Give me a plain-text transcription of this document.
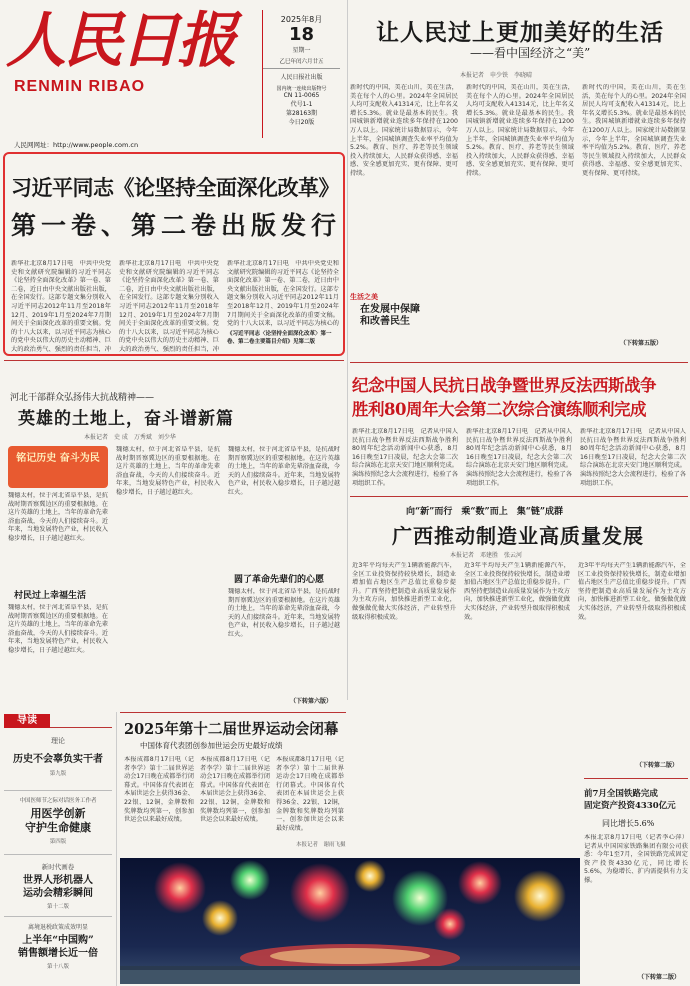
人民日报
RENMIN RIBAO
人民网网址：http://www.people.com.cn
2025年8月
18
星期一
乙巳年闰六月廿五
人民日报社出版
国内统一连续出版物号
CN 11-0065
代号1-1
第28163期
今日20版
让人民过上更加美好的生活
——看中国经济之“美”
本报记者　申少铁　李晓晴
新时代的中国，美在山川，美在生活，美在每个人的心里。2024年全国居民人均可支配收入41314元，比上年名义增长5.3%。就业是最基本的民生。我国城镇新增就业连续多年保持在1200万人以上。国家统计局数据显示，今年上半年，全国城镇调查失业率平均值为5.2%。教育、医疗、养老等民生领域投入持续加大，人民群众获得感、幸福感、安全感更加充实、更有保障、更可持续。
生活之美
在发展中保障
和改善民生
新时代的中国，美在山川，美在生活，美在每个人的心里。2024年全国居民人均可支配收入41314元，比上年名义增长5.3%。就业是最基本的民生。我国城镇新增就业连续多年保持在1200万人以上。国家统计局数据显示，今年上半年，全国城镇调查失业率平均值为5.2%。教育、医疗、养老等民生领域投入持续加大，人民群众获得感、幸福感、安全感更加充实、更有保障、更可持续。
新时代的中国，美在山川，美在生活，美在每个人的心里。2024年全国居民人均可支配收入41314元，比上年名义增长5.3%。就业是最基本的民生。我国城镇新增就业连续多年保持在1200万人以上。国家统计局数据显示，今年上半年，全国城镇调查失业率平均值为5.2%。教育、医疗、养老等民生领域投入持续加大，人民群众获得感、幸福感、安全感更加充实、更有保障、更可持续。
（下转第五版）
习近平同志《论坚持全面深化改革》
第一卷、第二卷出版发行
新华社北京8月17日电　中共中央党史和文献研究院编辑的习近平同志《论坚持全面深化改革》第一卷、第二卷，近日由中央文献出版社出版，在全国发行。这部专题文集分别收入习近平同志2012年11月至2018年12月、2019年1月至2024年7月期间关于全面深化改革的重要文稿。党的十八大以来，以习近平同志为核心的党中央以伟大的历史主动精神、巨大的政治勇气、强烈的责任担当，冲
新华社北京8月17日电　中共中央党史和文献研究院编辑的习近平同志《论坚持全面深化改革》第一卷、第二卷，近日由中央文献出版社出版，在全国发行。这部专题文集分别收入习近平同志2012年11月至2018年12月、2019年1月至2024年7月期间关于全面深化改革的重要文稿。党的十八大以来，以习近平同志为核心的党中央以伟大的历史主动精神、巨大的政治勇气、强烈的责任担当，冲
新华社北京8月17日电　中共中央党史和文献研究院编辑的习近平同志《论坚持全面深化改革》第一卷、第二卷，近日由中央文献出版社出版，在全国发行。这部专题文集分别收入习近平同志2012年11月至2018年12月、2019年1月至2024年7月期间关于全面深化改革的重要文稿。党的十八大以来，以习近平同志为核心的
《习近平同志〈论坚持全面深化改革〉第一卷、第二卷主要篇目介绍》见第二版
河北干部群众弘扬伟大抗战精神——
英雄的土地上，奋斗谱新篇
本报记者　史 成　万秀斌　刘少华
铭记历史 奋斗为民
魏德太村，位于河北省阜平县，是抗战时期晋察冀边区的重要根据地。在这片英雄的土地上，当年的革命先辈浴血奋战，今天的人们接续奋斗。近年来，当地发展特色产业，村民收入稳步增长，日子越过越红火。
村民过上幸福生活
魏德太村，位于河北省阜平县，是抗战时期晋察冀边区的重要根据地。在这片英雄的土地上，当年的革命先辈浴血奋战，今天的人们接续奋斗。近年来，当地发展特色产业，村民收入稳步增长，日子越过越红火。
魏德太村，位于河北省阜平县，是抗战时期晋察冀边区的重要根据地。在这片英雄的土地上，当年的革命先辈浴血奋战，今天的人们接续奋斗。近年来，当地发展特色产业，村民收入稳步增长，日子越过越红火。
魏德太村，位于河北省阜平县，是抗战时期晋察冀边区的重要根据地。在这片英雄的土地上，当年的革命先辈浴血奋战，今天的人们接续奋斗。近年来，当地发展特色产业，村民收入稳步增长，日子越过越红火。
圆了革命先辈们的心愿
魏德太村，位于河北省阜平县，是抗战时期晋察冀边区的重要根据地。在这片英雄的土地上，当年的革命先辈浴血奋战，今天的人们接续奋斗。近年来，当地发展特色产业，村民收入稳步增长，日子越过越红火。
（下转第六版）
纪念中国人民抗日战争暨世界反法西斯战争
胜利80周年大会第二次综合演练顺利完成
新华社北京8月17日电　记者从中国人民抗日战争暨世界反法西斯战争胜利80周年纪念活动新闻中心获悉，8月16日晚至17日凌晨，纪念大会第二次综合演练在北京天安门地区顺利完成。演练按照纪念大会流程进行，检验了各项组织工作。
新华社北京8月17日电　记者从中国人民抗日战争暨世界反法西斯战争胜利80周年纪念活动新闻中心获悉，8月16日晚至17日凌晨，纪念大会第二次综合演练在北京天安门地区顺利完成。演练按照纪念大会流程进行，检验了各项组织工作。
新华社北京8月17日电　记者从中国人民抗日战争暨世界反法西斯战争胜利80周年纪念活动新闻中心获悉，8月16日晚至17日凌晨，纪念大会第二次综合演练在北京天安门地区顺利完成。演练按照纪念大会流程进行，检验了各项组织工作。
向“新”而行　乘“数”而上　集“链”成群
广西推动制造业高质量发展
本报记者　邓建胜　张云河
近3年平均每天产生1辆新能源汽车，全区工业投资保持较快增长，制造业增加值占地区生产总值比重稳步提升。广西坚持把制造业高质量发展作为主攻方向，加快推进新型工业化，做强做优做大实体经济，产业转型升级取得积极成效。
近3年平均每天产生1辆新能源汽车，全区工业投资保持较快增长，制造业增加值占地区生产总值比重稳步提升。广西坚持把制造业高质量发展作为主攻方向，加快推进新型工业化，做强做优做大实体经济，产业转型升级取得积极成效。
近3年平均每天产生1辆新能源汽车，全区工业投资保持较快增长，制造业增加值占地区生产总值比重稳步提升。广西坚持把制造业高质量发展作为主攻方向，加快推进新型工业化，做强做优做大实体经济，产业转型升级取得积极成效。
（下转第二版）
导读
理论
历史不会辜负实干者
第九版
中国医师节之际对话医务工作者
用医学创新
守护生命健康
第四版
新时代画卷
世界人形机器人
运动会精彩瞬间
第十二版
离境退税政策成效明显
上半年“中国购”
销售额增长近一倍
第十八版
2025年第十二届世界运动会闭幕
中国体育代表团创参加世运会历史最好成绩
本报成都8月17日电（记者李学）第十二届世界运动会17日晚在成都举行闭幕式。中国体育代表团在本届世运会上获得36金、22银、12铜，金牌数和奖牌数均列第一，创参加世运会以来最好成绩。
本报成都8月17日电（记者李学）第十二届世界运动会17日晚在成都举行闭幕式。中国体育代表团在本届世运会上获得36金、22银、12铜，金牌数和奖牌数均列第一，创参加世运会以来最好成绩。
本报成都8月17日电（记者李学）第十二届世界运动会17日晚在成都举行闭幕式。中国体育代表团在本届世运会上获得36金、22银、12铜，金牌数和奖牌数均列第一，创参加世运会以来最好成绩。
本报记者　谢雨飞摄
前7月全国铁路完成
固定资产投资4330亿元
同比增长5.6%
本报北京8月17日电（记者李心萍）记者从中国国家铁路集团有限公司获悉：今年1至7月，全国铁路完成固定资产投资4330亿元，同比增长5.6%，为稳增长、扩内需提供有力支撑。
（下转第二版）
